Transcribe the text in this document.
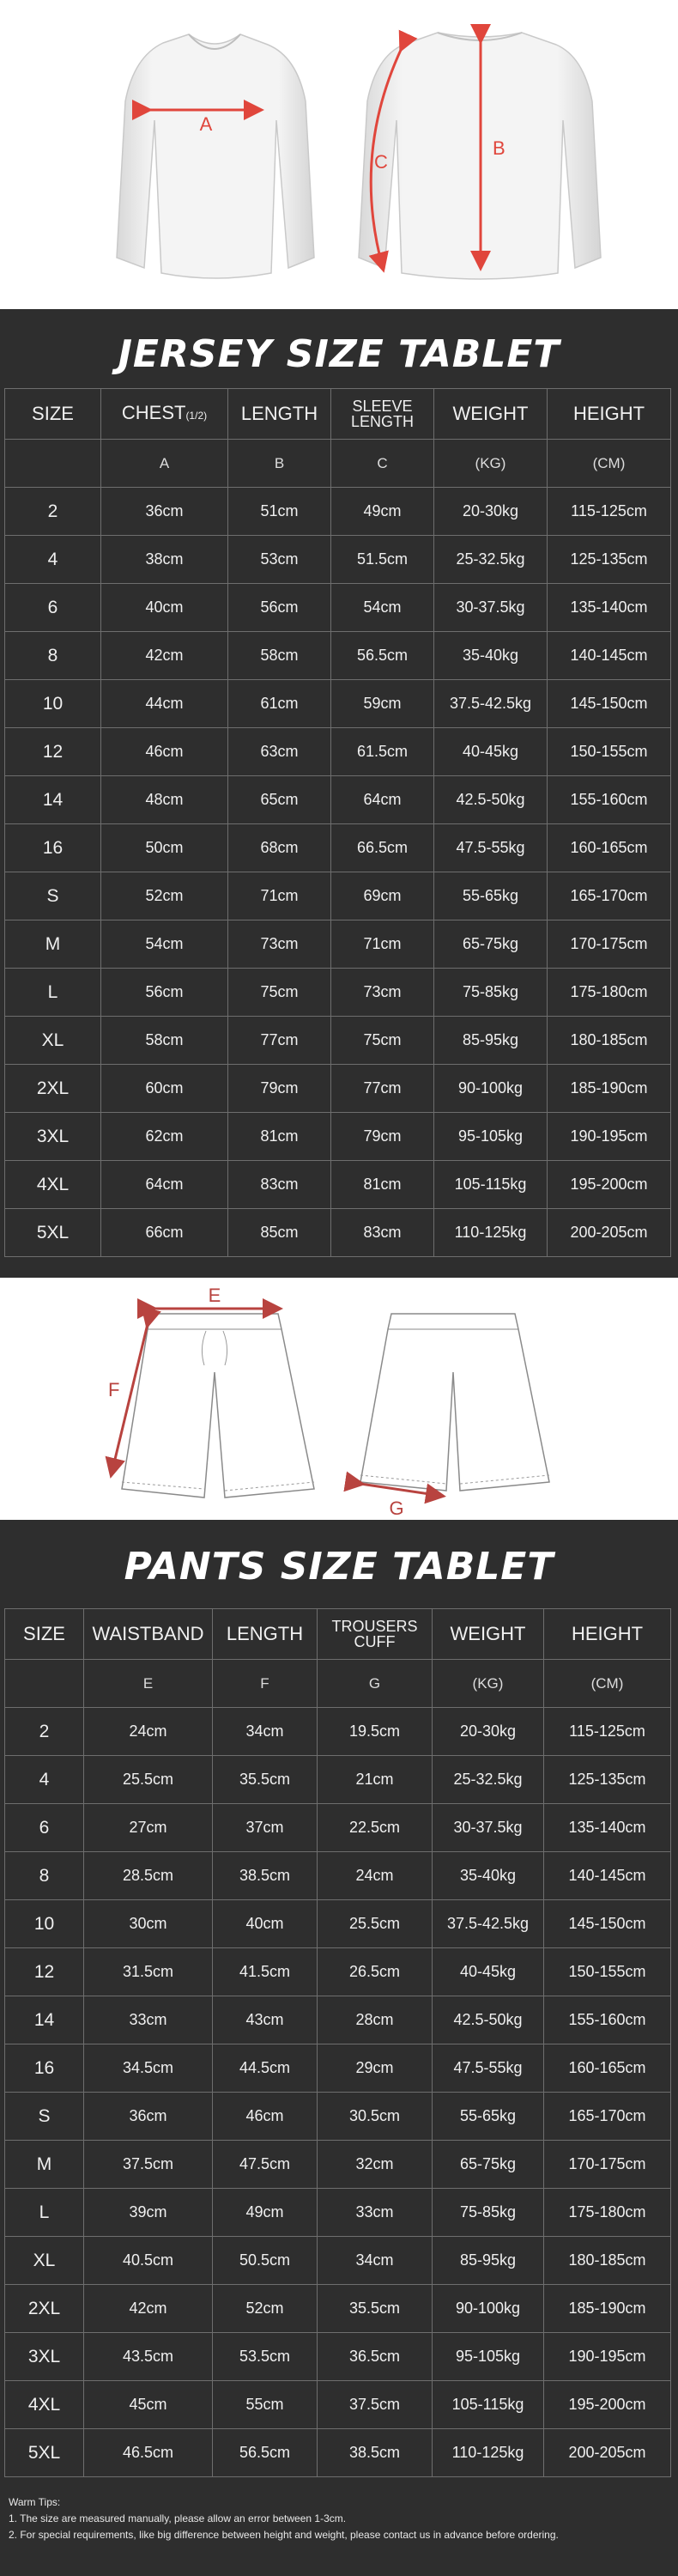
A
B
C
JERSEY SIZE TABLET
SIZE	CHEST(1/2)	LENGTH	SLEEVE
LENGTH	WEIGHT	HEIGHT
	A	B	C	(KG)	(CM)
2	36cm	51cm	49cm	20-30kg	115-125cm
4	38cm	53cm	51.5cm	25-32.5kg	125-135cm
6	40cm	56cm	54cm	30-37.5kg	135-140cm
8	42cm	58cm	56.5cm	35-40kg	140-145cm
10	44cm	61cm	59cm	37.5-42.5kg	145-150cm
12	46cm	63cm	61.5cm	40-45kg	150-155cm
14	48cm	65cm	64cm	42.5-50kg	155-160cm
16	50cm	68cm	66.5cm	47.5-55kg	160-165cm
S	52cm	71cm	69cm	55-65kg	165-170cm
M	54cm	73cm	71cm	65-75kg	170-175cm
L	56cm	75cm	73cm	75-85kg	175-180cm
XL	58cm	77cm	75cm	85-95kg	180-185cm
2XL	60cm	79cm	77cm	90-100kg	185-190cm
3XL	62cm	81cm	79cm	95-105kg	190-195cm
4XL	64cm	83cm	81cm	105-115kg	195-200cm
5XL	66cm	85cm	83cm	110-125kg	200-205cm
E
F
G
PANTS SIZE TABLET
SIZE	WAISTBAND	LENGTH	TROUSERS
CUFF	WEIGHT	HEIGHT
	E	F	G	(KG)	(CM)
2	24cm	34cm	19.5cm	20-30kg	115-125cm
4	25.5cm	35.5cm	21cm	25-32.5kg	125-135cm
6	27cm	37cm	22.5cm	30-37.5kg	135-140cm
8	28.5cm	38.5cm	24cm	35-40kg	140-145cm
10	30cm	40cm	25.5cm	37.5-42.5kg	145-150cm
12	31.5cm	41.5cm	26.5cm	40-45kg	150-155cm
14	33cm	43cm	28cm	42.5-50kg	155-160cm
16	34.5cm	44.5cm	29cm	47.5-55kg	160-165cm
S	36cm	46cm	30.5cm	55-65kg	165-170cm
M	37.5cm	47.5cm	32cm	65-75kg	170-175cm
L	39cm	49cm	33cm	75-85kg	175-180cm
XL	40.5cm	50.5cm	34cm	85-95kg	180-185cm
2XL	42cm	52cm	35.5cm	90-100kg	185-190cm
3XL	43.5cm	53.5cm	36.5cm	95-105kg	190-195cm
4XL	45cm	55cm	37.5cm	105-115kg	195-200cm
5XL	46.5cm	56.5cm	38.5cm	110-125kg	200-205cm
Warm Tips:
1. The size are measured manually, please allow an error between 1-3cm.
2. For special requirements, like big difference between height and weight, please contact us in advance before ordering.
